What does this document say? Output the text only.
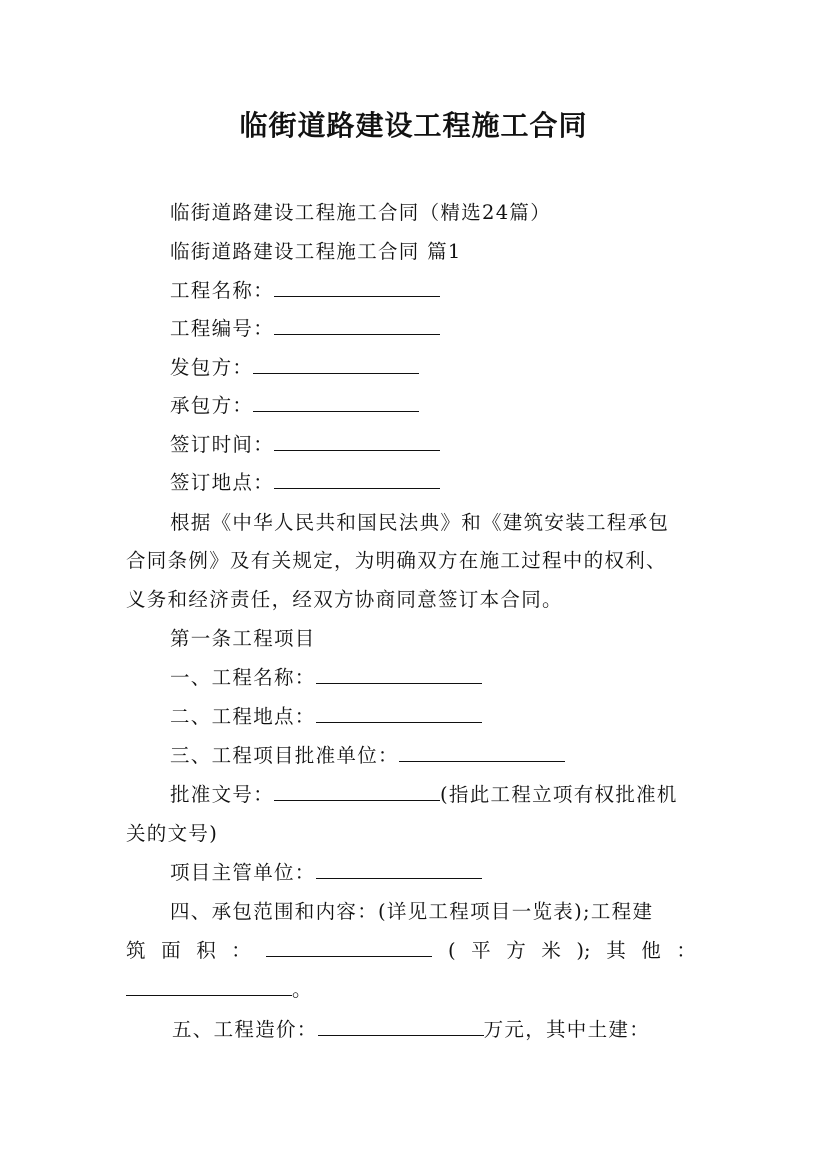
临街道路建设工程施工合同
临街道路建设工程施工合同（精选24篇）
临街道路建设工程施工合同 篇1
工程名称：
工程编号：
发包方：
承包方：
签订时间：
签订地点：
根据《中华人民共和国民法典》和《建筑安装工程承包
合同条例》及有关规定，为明确双方在施工过程中的权利、
义务和经济责任，经双方协商同意签订本合同。
第一条工程项目
一、工程名称：
二、工程地点：
三、工程项目批准单位：
批准文号：	(指此工程立项有权批准机
关的文号)
项目主管单位：
四、承包范围和内容：(详见工程项目一览表);工程建
筑 面 积 ：	( 平 方 米 ); 其 他 ：
。
五、工程造价：	万元，其中土建：
